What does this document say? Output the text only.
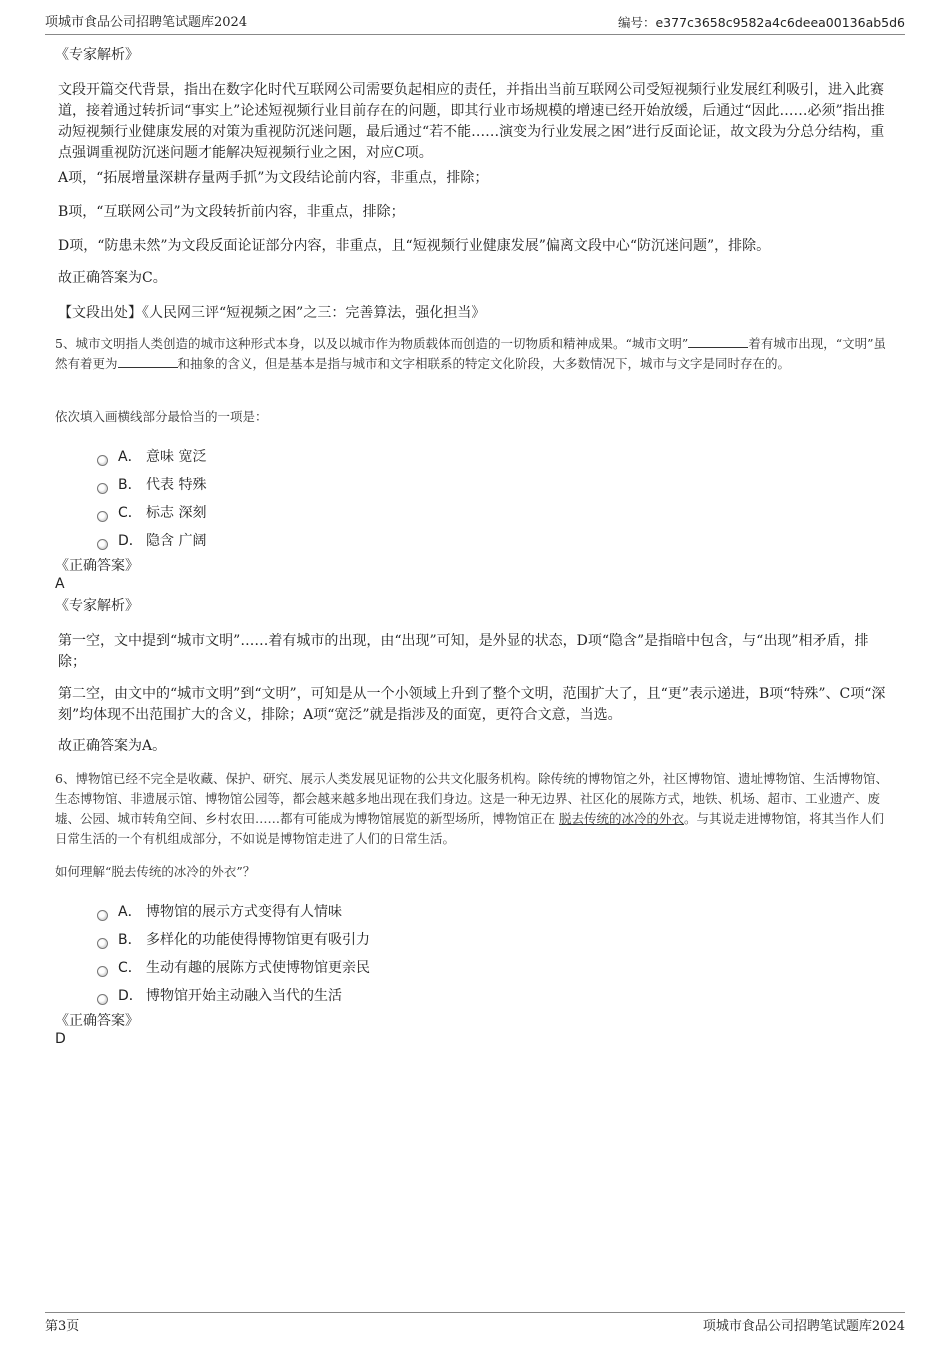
项城市食品公司招聘笔试题库2024	编号：e377c3658c9582a4c6deea00136ab5d6

《专家解析》

文段开篇交代背景，指出在数字化时代互联网公司需要负起相应的责任，并指出当前互联网公司受短视频行业发展红利吸引，进入此赛道，接着通过转折词“事实上”论述短视频行业目前存在的问题，即其行业市场规模的增速已经开始放缓，后通过“因此……必须”指出推动短视频行业健康发展的对策为重视防沉迷问题，最后通过“若不能……演变为行业发展之困”进行反面论证，故文段为分总分结构，重点强调重视防沉迷问题才能解决短视频行业之困，对应C项。

A项，“拓展增量深耕存量两手抓”为文段结论前内容，非重点，排除；

B项，“互联网公司”为文段转折前内容，非重点，排除；

D项，“防患未然”为文段反面论证部分内容，非重点，且“短视频行业健康发展”偏离文段中心“防沉迷问题”，排除。

故正确答案为C。

【文段出处】《人民网三评“短视频之困”之三：完善算法，强化担当》

5、城市文明指人类创造的城市这种形式本身，以及以城市作为物质载体而创造的一切物质和精神成果。“城市文明”	着有城市出现，“文明”虽然有着更为	和抽象的含义，但是基本是指与城市和文字相联系的特定文化阶段，大多数情况下，城市与文字是同时存在的。

依次填入画横线部分最恰当的一项是：

A． 意味 宽泛
B． 代表 特殊
C． 标志 深刻
D． 隐含 广阔

《正确答案》

A

《专家解析》

第一空，文中提到“城市文明”……着有城市的出现，由“出现”可知，是外显的状态，D项“隐含”是指暗中包含，与“出现”相矛盾，排除；

第二空，由文中的“城市文明”到“文明”，可知是从一个小领域上升到了整个文明，范围扩大了，且“更”表示递进，B项“特殊”、C项“深刻”均体现不出范围扩大的含义，排除；A项“宽泛”就是指涉及的面宽，更符合文意，当选。

故正确答案为A。

6、博物馆已经不完全是收藏、保护、研究、展示人类发展见证物的公共文化服务机构。除传统的博物馆之外，社区博物馆、遗址博物馆、生活博物馆、生态博物馆、非遗展示馆、博物馆公园等，都会越来越多地出现在我们身边。这是一种无边界、社区化的展陈方式，地铁、机场、超市、工业遗产、废墟、公园、城市转角空间、乡村农田……都有可能成为博物馆展览的新型场所，博物馆正在 脱去传统的冰冷的外衣。与其说走进博物馆，将其当作人们日常生活的一个有机组成部分，不如说是博物馆走进了人们的日常生活。

如何理解“脱去传统的冰冷的外衣”？

A． 博物馆的展示方式变得有人情味
B． 多样化的功能使得博物馆更有吸引力
C． 生动有趣的展陈方式使博物馆更亲民
D． 博物馆开始主动融入当代的生活

《正确答案》

D

第3页	项城市食品公司招聘笔试题库2024
